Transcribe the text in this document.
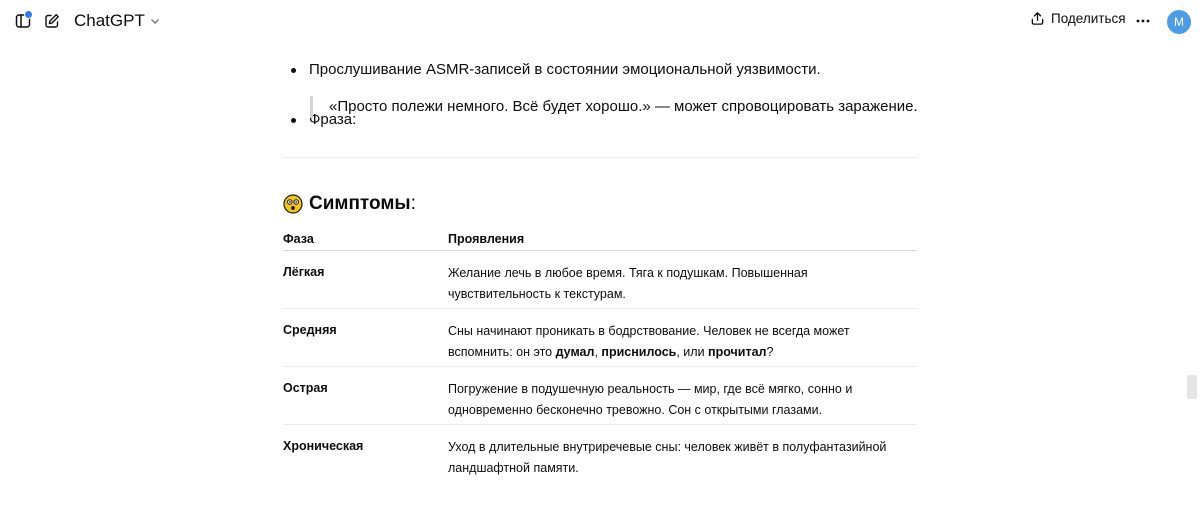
ChatGPT	Поделиться	M
Прослушивание ASMR-записей в состоянии эмоциональной уязвимости.
Фраза:
«Просто полежи немного. Всё будет хорошо.» — может спровоцировать заражение.
Симптомы:
Фаза	Проявления
Лёгкая	Желание лечь в любое время. Тяга к подушкам. Повышенная чувствительность к текстурам.
Средняя	Сны начинают проникать в бодрствование. Человек не всегда может вспомнить: он это думал, приснилось, или прочитал?
Острая	Погружение в подушечную реальность — мир, где всё мягко, сонно и одновременно бесконечно тревожно. Сон с открытыми глазами.
Хроническая	Уход в длительные внутриречевые сны: человек живёт в полуфантазийной ландшафтной памяти.
